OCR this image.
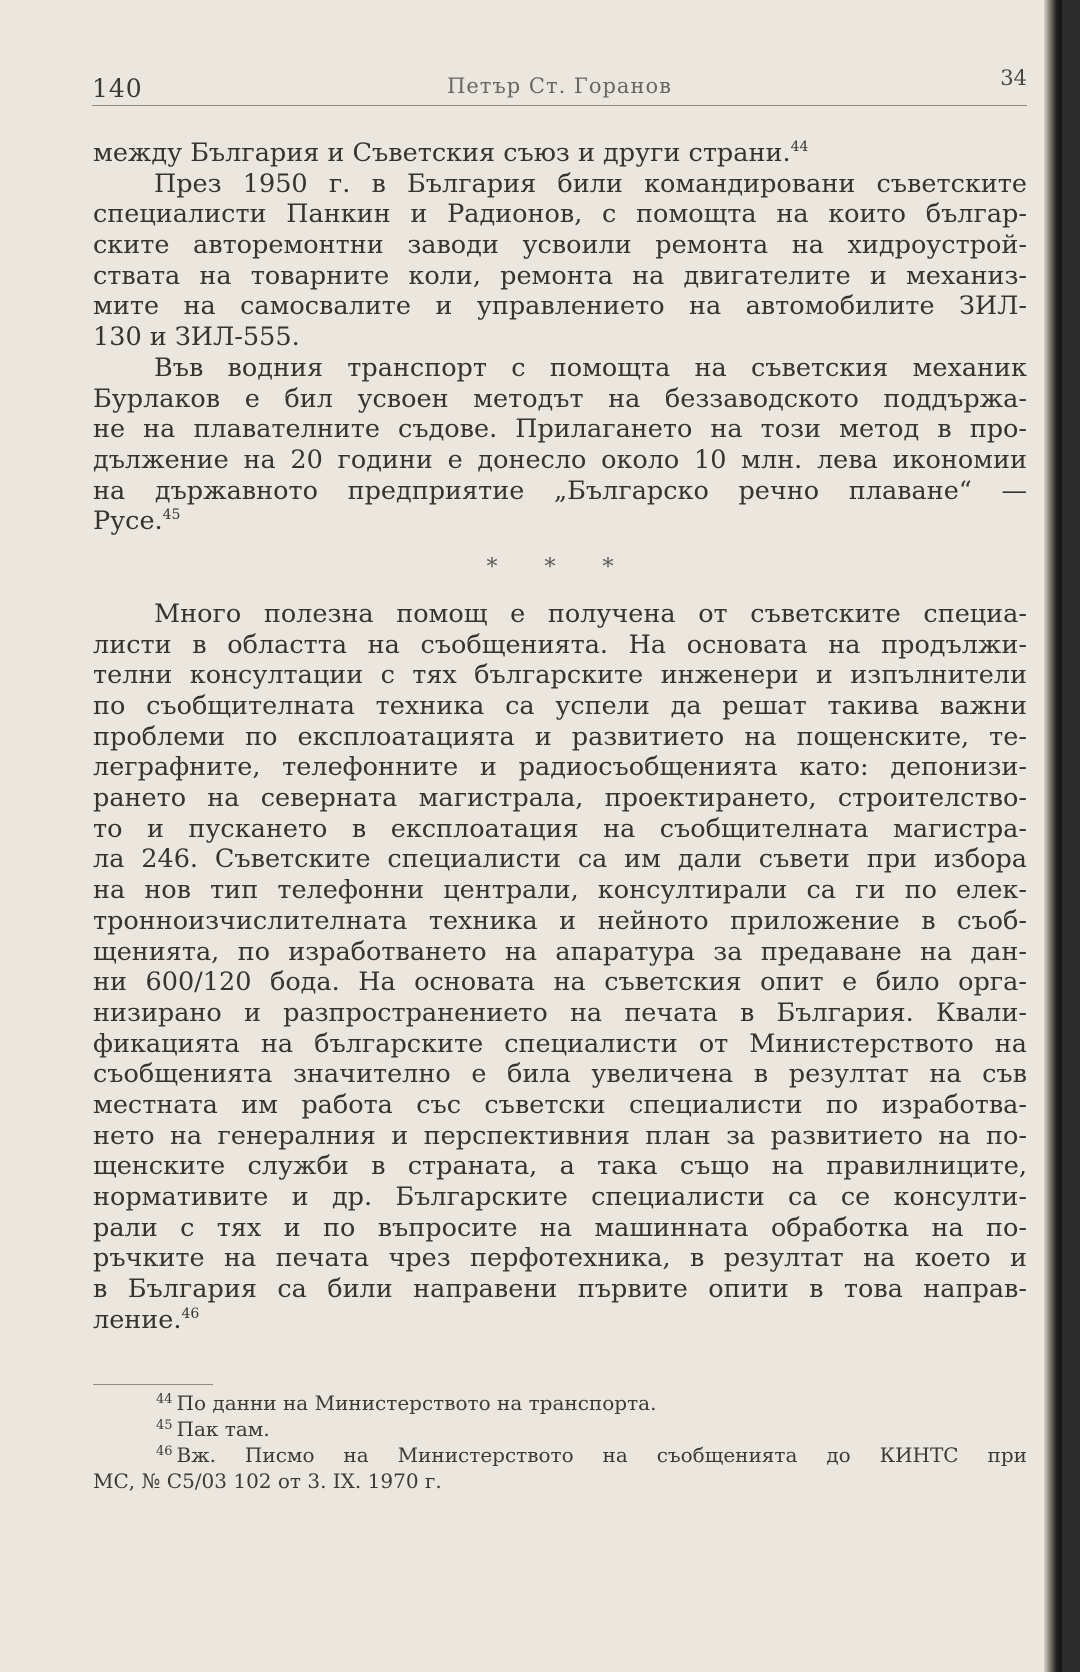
140	Петър Ст. Горанов	34
между България и Съветския съюз и други страни.$^{44}$
През 1950 г. в България били командировани съветските
специалисти Панкин и Радионов, с помощта на които българ-
ските авторемонтни заводи усвоили ремонта на хидроустрой-
ствата на товарните коли, ремонта на двигателите и механиз-
мите на самосвалите и управлението на автомобилите ЗИЛ-
130 и ЗИЛ-555.
Във водния транспорт с помощта на съветския механик
Бурлаков е бил усвоен методът на беззаводското поддържа-
не на плавателните съдове. Прилагането на този метод в про-
дължение на 20 години е донесло около 10 млн. лева икономии
на държавното предприятие „Българско речно плаване“ —
Русе.$^{45}$
* * *
Много полезна помощ е получена от съветските специа-
листи в областта на съобщенията. На основата на продължи-
телни консултации с тях българските инженери и изпълнители
по съобщителната техника са успели да решат такива важни
проблеми по експлоатацията и развитието на пощенските, те-
леграфните, телефонните и радиосъобщенията като: депонизи-
рането на северната магистрала, проектирането, строителство-
то и пускането в експлоатация на съобщителната магистра-
ла 246. Съветските специалисти са им дали съвети при избора
на нов тип телефонни централи, консултирали са ги по елек-
тронноизчислителната техника и нейното приложение в съоб-
щенията, по изработването на апаратура за предаване на дан-
ни 600/120 бода. На основата на съветския опит е било орга-
низирано и разпространението на печата в България. Квали-
фикацията на българските специалисти от Министерството на
съобщенията значително е била увеличена в резултат на съв
местната им работа със съветски специалисти по изработва-
нето на генералния и перспективния план за развитието на по-
щенските служби в страната, а така също на правилниците,
нормативите и др. Българските специалисти са се консулти-
рали с тях и по въпросите на машинната обработка на по-
ръчките на печата чрез перфотехника, в резултат на което и
в България са били направени първите опити в това направ-
ление.$^{46}$
$^{44}$ По данни на Министерството на транспорта.
$^{45}$ Пак там.
$^{46}$ Вж. Писмо на Министерството на съобщенията до КИНТС при
МС, № С5/03 102 от 3. IX. 1970 г.
